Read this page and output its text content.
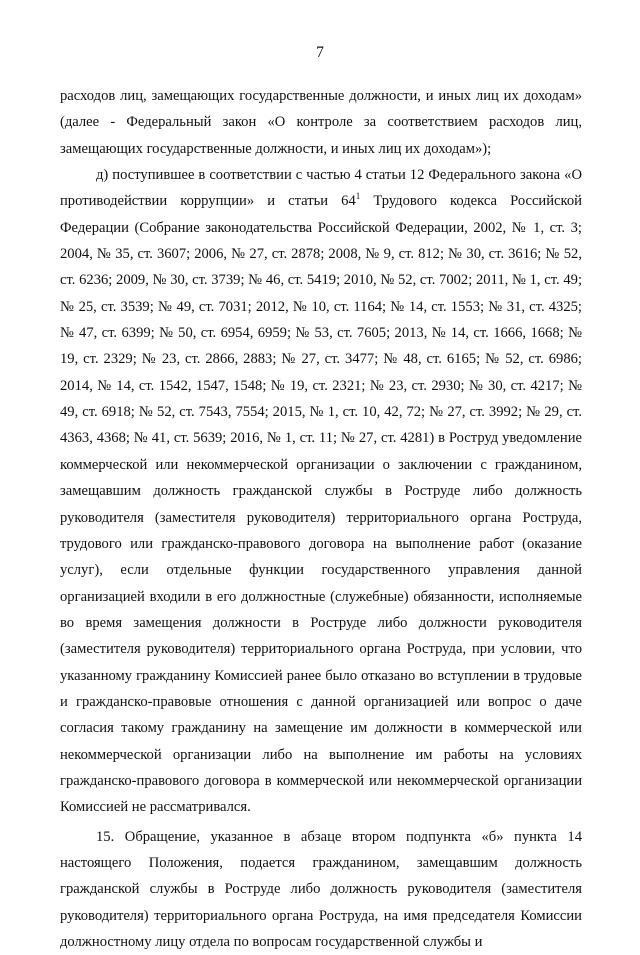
7

расходов лиц, замещающих государственные должности, и иных лиц их доходам» (далее - Федеральный закон «О контроле за соответствием расходов лиц, замещающих государственные должности, и иных лиц их доходам»);

д) поступившее в соответствии с частью 4 статьи 12 Федерального закона «О противодействии коррупции» и статьи $64^1$ Трудового кодекса Российской Федерации (Собрание законодательства Российской Федерации, 2002, № 1, ст. 3; 2004, № 35, ст. 3607; 2006, № 27, ст. 2878; 2008, № 9, ст. 812; № 30, ст. 3616; № 52, ст. 6236; 2009, № 30, ст. 3739; № 46, ст. 5419; 2010, № 52, ст. 7002; 2011, № 1, ст. 49; № 25, ст. 3539; № 49, ст. 7031; 2012, № 10, ст. 1164; № 14, ст. 1553; № 31, ст. 4325; № 47, ст. 6399; № 50, ст. 6954, 6959; № 53, ст. 7605; 2013, № 14, ст. 1666, 1668; № 19, ст. 2329; № 23, ст. 2866, 2883; № 27, ст. 3477; № 48, ст. 6165; № 52, ст. 6986; 2014, № 14, ст. 1542, 1547, 1548; № 19, ст. 2321; № 23, ст. 2930; № 30, ст. 4217; № 49, ст. 6918; № 52, ст. 7543, 7554; 2015, № 1, ст. 10, 42, 72; № 27, ст. 3992; № 29, ст. 4363, 4368; № 41, ст. 5639; 2016, № 1, ст. 11; № 27, ст. 4281) в Роструд уведомление коммерческой или некоммерческой организации о заключении с гражданином, замещавшим должность гражданской службы в Роструде либо должность руководителя (заместителя руководителя) территориального органа Роструда, трудового или гражданско-правового договора на выполнение работ (оказание услуг), если отдельные функции государственного управления данной организацией входили в его должностные (служебные) обязанности, исполняемые во время замещения должности в Роструде либо должности руководителя (заместителя руководителя) территориального органа Роструда, при условии, что указанному гражданину Комиссией ранее было отказано во вступлении в трудовые и гражданско-правовые отношения с данной организацией или вопрос о даче согласия такому гражданину на замещение им должности в коммерческой или некоммерческой организации либо на выполнение им работы на условиях гражданско-правового договора в коммерческой или некоммерческой организации Комиссией не рассматривался.

15. Обращение, указанное в абзаце втором подпункта «б» пункта 14 настоящего Положения, подается гражданином, замещавшим должность гражданской службы в Роструде либо должность руководителя (заместителя руководителя) территориального органа Роструда, на имя председателя Комиссии должностному лицу отдела по вопросам государственной службы и
